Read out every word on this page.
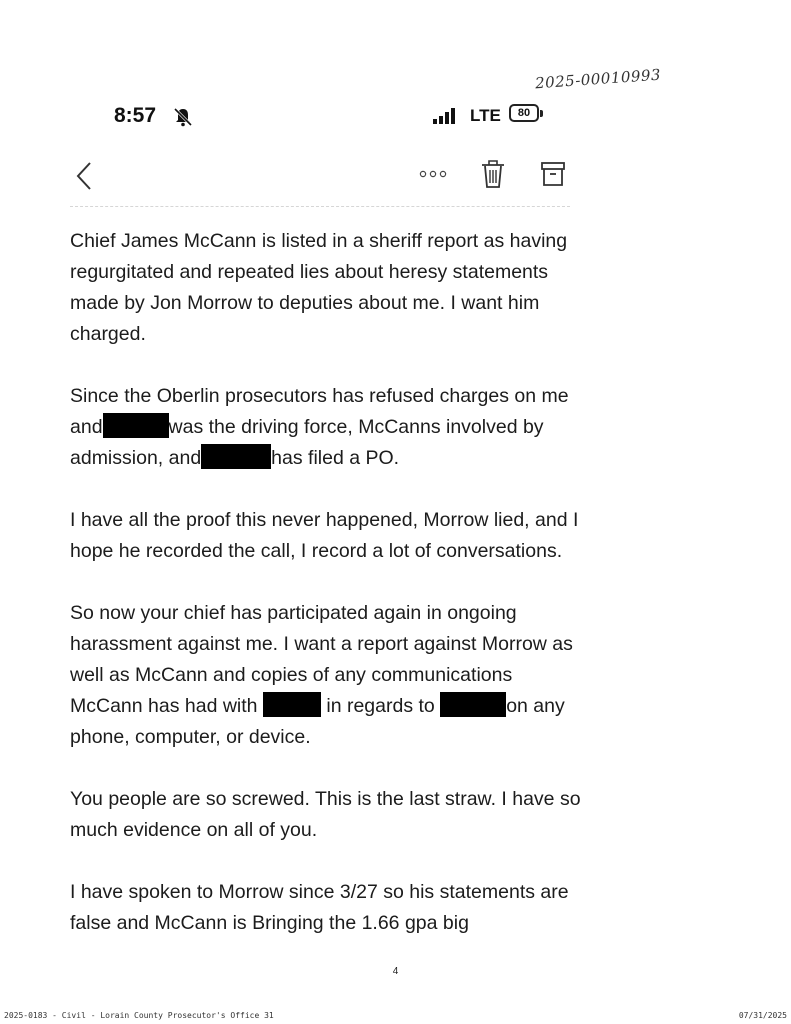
2025-00010993
8:57	LTE	80

Chief James McCann is listed in a sheriff report as having regurgitated and repeated lies about heresy statements made by Jon Morrow to deputies about me. I want him charged.

Since the Oberlin prosecutors has refused charges on me and	was the driving force, McCanns involved by admission, and	has filed a PO.

I have all the proof this never happened, Morrow lied, and I hope he recorded the call, I record a lot of conversations.

So now your chief has participated again in ongoing harassment against me. I want a report against Morrow as well as McCann and copies of any communications McCann has had with	in regards to	on any phone, computer, or device.

You people are so screwed. This is the last straw. I have so much evidence on all of you.

I have spoken to Morrow since 3/27 so his statements are false and McCann is Bringing the 1.66 gpa big

4
2025-0183 - Civil - Lorain County Prosecutor's Office 31	07/31/2025
